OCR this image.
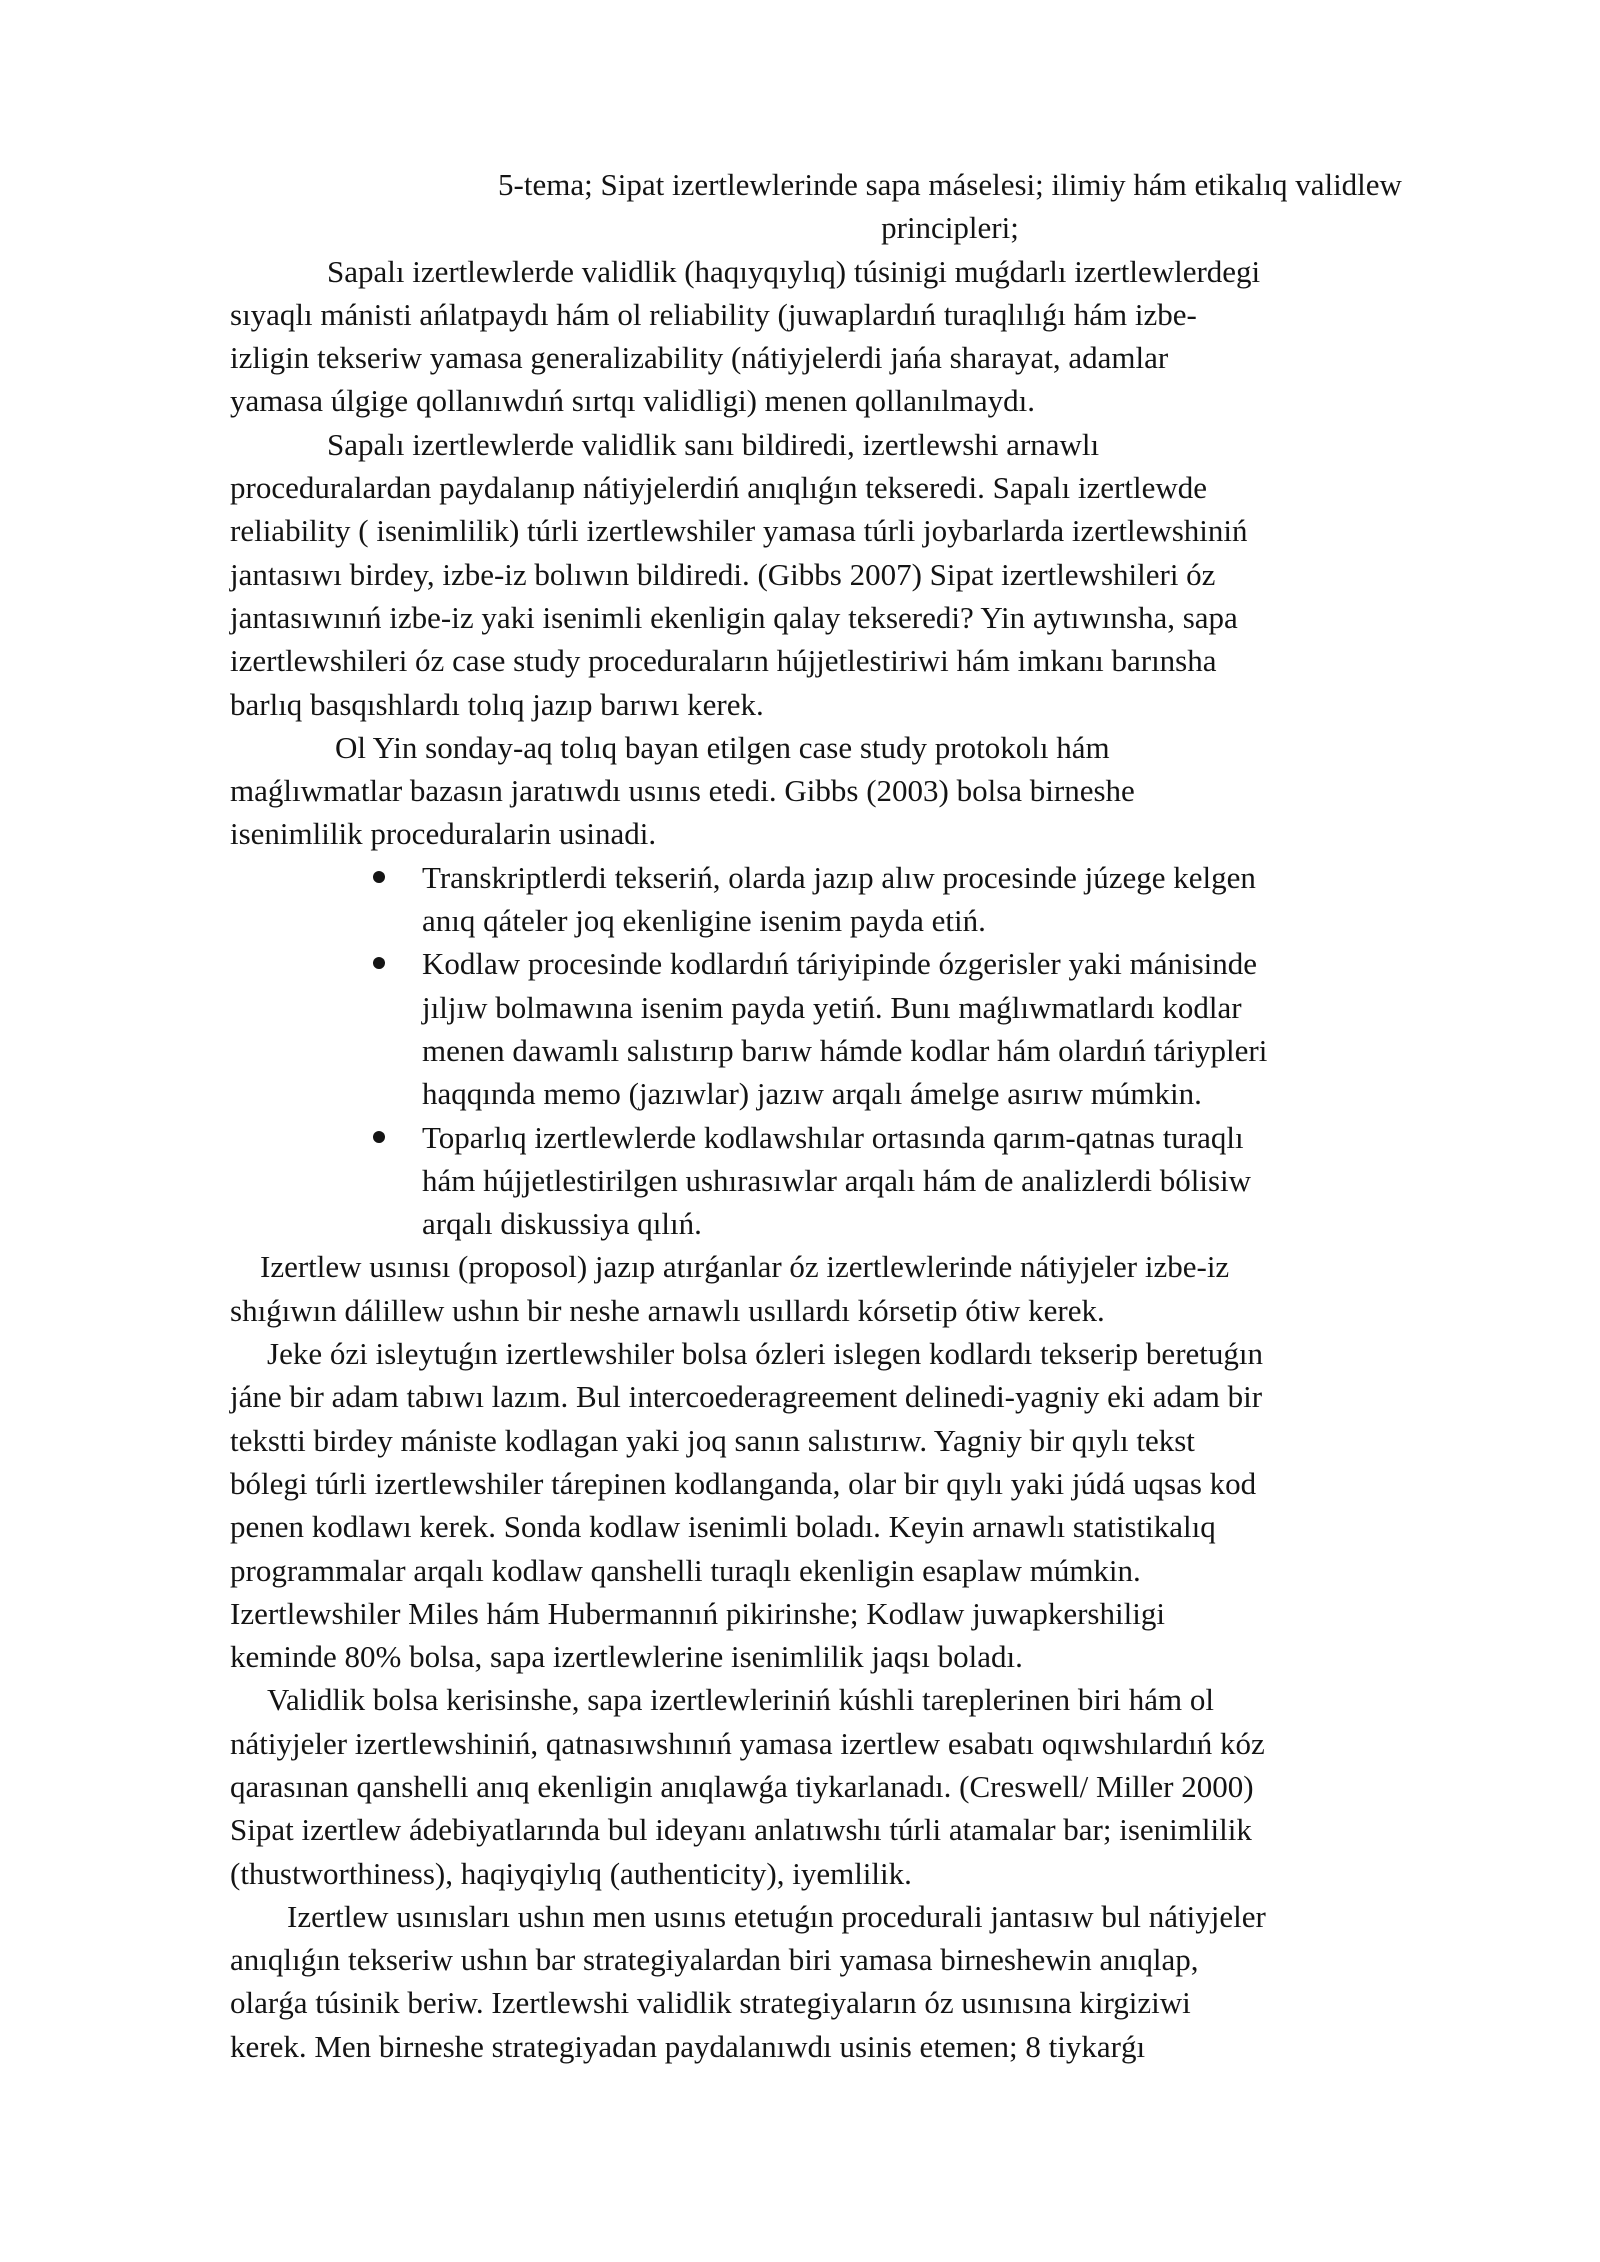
5-tema; Sipat izertlewlerinde sapa máselesi; ilimiy hám etikalıq validlew
principleri;

Sapalı izertlewlerde validlik (haqıyqıylıq) túsinigi muǵdarlı izertlewlerdegi
sıyaqlı mánisti ańlatpaydı hám ol reliability (juwaplardıń turaqlılıǵı hám izbe-
izligin tekseriw yamasa generalizability (nátiyjelerdi jańa sharayat, adamlar
yamasa úlgige qollanıwdıń sırtqı validligi) menen qollanılmaydı.

Sapalı izertlewlerde validlik sanı bildiredi, izertlewshi arnawlı
proceduralardan paydalanıp nátiyjelerdiń anıqlıǵın tekseredi. Sapalı izertlewde
reliability ( isenimlilik) túrli izertlewshiler yamasa túrli joybarlarda izertlewshiniń
jantasıwı birdey, izbe-iz bolıwın bildiredi. (Gibbs 2007) Sipat izertlewshileri óz
jantasıwınıń izbe-iz yaki isenimli ekenligin qalay tekseredi? Yin aytıwınsha, sapa
izertlewshileri óz case study proceduraların hújjetlestiriwi hám imkanı barınsha
barlıq basqıshlardı tolıq jazıp barıwı kerek.

Ol Yin sonday-aq tolıq bayan etilgen case study protokolı hám
maǵlıwmatlar bazasın jaratıwdı usınıs etedi. Gibbs (2003) bolsa birneshe
isenimlilik proceduralarin usinadi.

Transkriptlerdi tekseriń, olarda jazıp alıw procesinde júzege kelgen
anıq qáteler joq ekenligine isenim payda etiń.
Kodlaw procesinde kodlardıń táriyipinde ózgerisler yaki mánisinde
jıljıw bolmawına isenim payda yetiń. Bunı maǵlıwmatlardı kodlar
menen dawamlı salıstırıp barıw hámde kodlar hám olardıń táriypleri
haqqında memo (jazıwlar) jazıw arqalı ámelge asırıw múmkin.
Toparlıq izertlewlerde kodlawshılar ortasında qarım-qatnas turaqlı
hám hújjetlestirilgen ushırasıwlar arqalı hám de analizlerdi bólisiw
arqalı diskussiya qılıń.

Izertlew usınısı (proposol) jazıp atırǵanlar óz izertlewlerinde nátiyjeler izbe-iz
shıǵıwın dálillew ushın bir neshe arnawlı usıllardı kórsetip ótiw kerek.

Jeke ózi isleytuǵın izertlewshiler bolsa ózleri islegen kodlardı tekserip beretuǵın
jáne bir adam tabıwı lazım. Bul intercoederagreement delinedi-yagniy eki adam bir
tekstti birdey mániste kodlagan yaki joq sanın salıstırıw. Yagniy bir qıylı tekst
bólegi túrli izertlewshiler tárepinen kodlanganda, olar bir qıylı yaki júdá uqsas kod
penen kodlawı kerek. Sonda kodlaw isenimli boladı. Keyin arnawlı statistikalıq
programmalar arqalı kodlaw qanshelli turaqlı ekenligin esaplaw múmkin.
Izertlewshiler Miles hám Hubermannıń pikirinshe; Kodlaw juwapkershiligi
keminde 80% bolsa, sapa izertlewlerine isenimlilik jaqsı boladı.

Validlik bolsa kerisinshe, sapa izertlewleriniń kúshli tareplerinen biri hám ol
nátiyjeler izertlewshiniń, qatnasıwshınıń yamasa izertlew esabatı oqıwshılardıń kóz
qarasınan qanshelli anıq ekenligin anıqlawǵa tiykarlanadı. (Creswell/ Miller 2000)
Sipat izertlew ádebiyatlarında bul ideyanı anlatıwshı túrli atamalar bar; isenimlilik
(thustworthiness), haqiyqiylıq (authenticity), iyemlilik.

Izertlew usınısları ushın men usınıs etetuǵın procedurali jantasıw bul nátiyjeler
anıqlıǵın tekseriw ushın bar strategiyalardan biri yamasa birneshewin anıqlap,
olarǵa túsinik beriw. Izertlewshi validlik strategiyaların óz usınısına kirgiziwi
kerek. Men birneshe strategiyadan paydalanıwdı usinis etemen; 8 tiykarǵı
